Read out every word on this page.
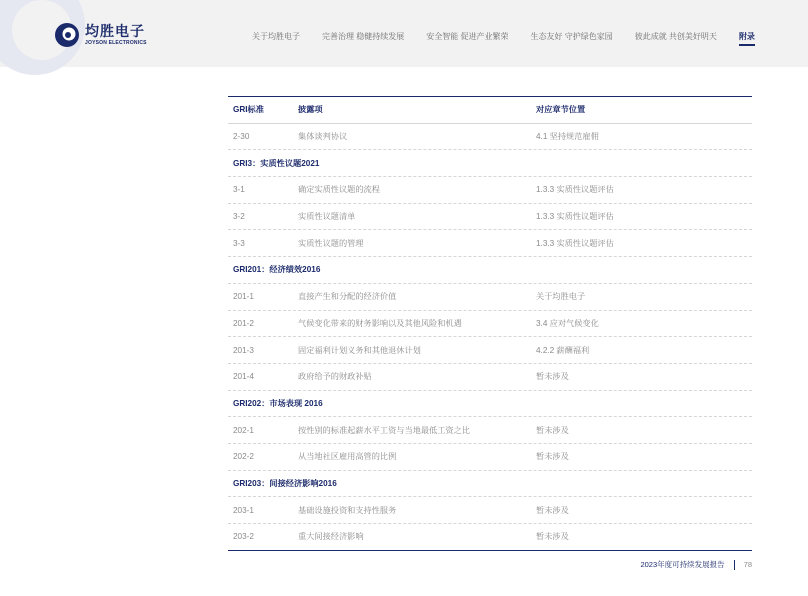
均胜电子
JOYSON ELECTRONICS
关于均胜电子	完善治理 稳健持续发展	安全智能 促进产业繁荣	生态友好 守护绿色家园	彼此成就 共创美好明天	附录
GRI标准	披露项	对应章节位置
2-30	集体谈判协议	4.1 坚持规范雇佣
GRI3：实质性议题2021
3-1	确定实质性议题的流程	1.3.3 实质性议题评估
3-2	实质性议题清单	1.3.3 实质性议题评估
3-3	实质性议题的管理	1.3.3 实质性议题评估
GRI201：经济绩效2016
201-1	直接产生和分配的经济价值	关于均胜电子
201-2	气候变化带来的财务影响以及其他风险和机遇	3.4 应对气候变化
201-3	固定福利计划义务和其他退休计划	4.2.2 薪酬福利
201-4	政府给予的财政补贴	暂未涉及
GRI202：市场表现 2016
202-1	按性别的标准起薪水平工资与当地最低工资之比	暂未涉及
202-2	从当地社区雇用高管的比例	暂未涉及
GRI203：间接经济影响2016
203-1	基础设施投资和支持性服务	暂未涉及
203-2	重大间接经济影响	暂未涉及
2023年度可持续发展报告	78
